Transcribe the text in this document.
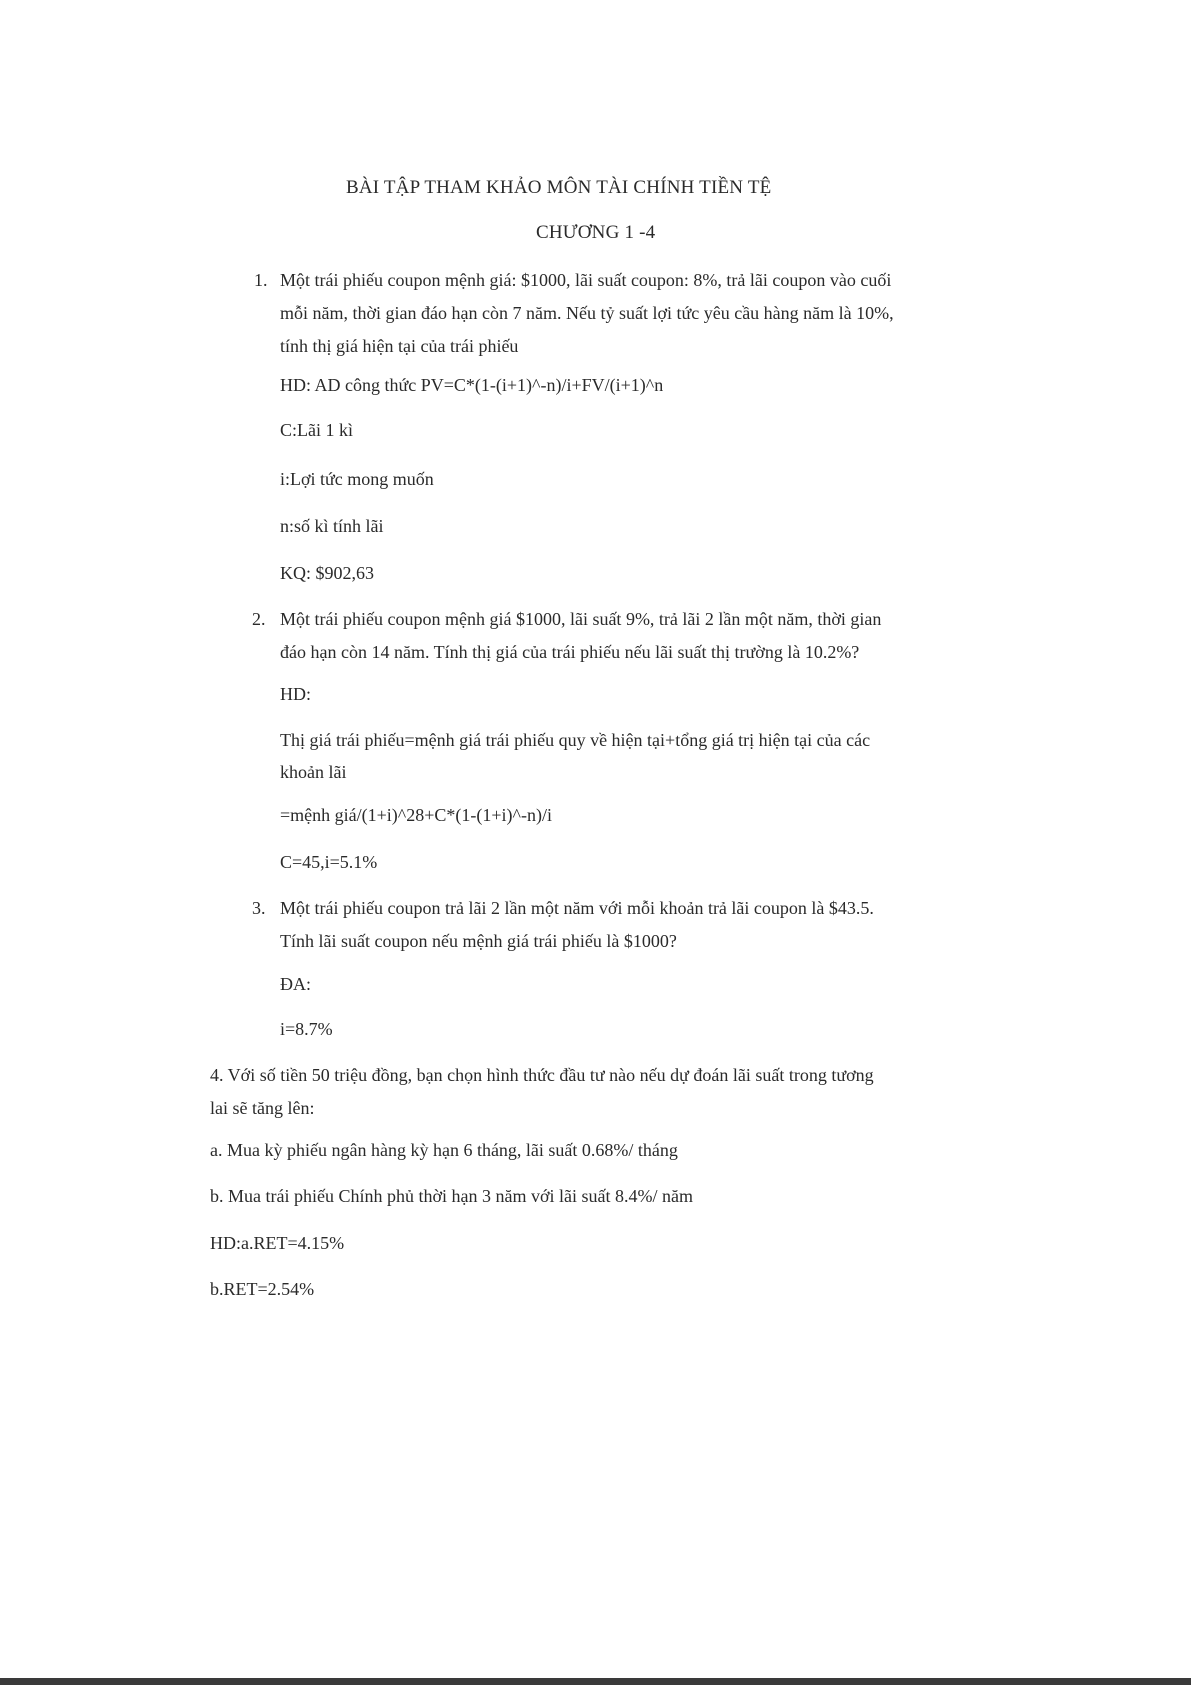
BÀI TẬP THAM KHẢO MÔN TÀI CHÍNH TIỀN TỆ
CHƯƠNG 1 -4
1. Một trái phiếu coupon mệnh giá: $1000, lãi suất coupon: 8%, trả lãi coupon vào cuối
mỗi năm, thời gian đáo hạn còn 7 năm. Nếu tỷ suất lợi tức yêu cầu hàng năm là 10%,
tính thị giá hiện tại của trái phiếu
HD: AD công thức PV=C*(1-(i+1)^-n)/i+FV/(i+1)^n
C:Lãi 1 kì
i:Lợi tức mong muốn
n:số kì tính lãi
KQ: $902,63
2. Một trái phiếu coupon mệnh giá $1000, lãi suất 9%, trả lãi 2 lần một năm, thời gian
đáo hạn còn 14 năm. Tính thị giá của trái phiếu nếu lãi suất thị trường là 10.2%?
HD:
Thị giá trái phiếu=mệnh giá trái phiếu quy về hiện tại+tổng giá trị hiện tại của các
khoản lãi
=mệnh giá/(1+i)^28+C*(1-(1+i)^-n)/i
C=45,i=5.1%
3. Một trái phiếu coupon trả lãi 2 lần một năm với mỗi khoản trả lãi coupon là $43.5.
Tính lãi suất coupon nếu mệnh giá trái phiếu là $1000?
ĐA:
i=8.7%
4. Với số tiền 50 triệu đồng, bạn chọn hình thức đầu tư nào nếu dự đoán lãi suất trong tương
lai sẽ tăng lên:
a. Mua kỳ phiếu ngân hàng kỳ hạn 6 tháng, lãi suất 0.68%/ tháng
b. Mua trái phiếu Chính phủ thời hạn 3 năm với lãi suất 8.4%/ năm
HD:a.RET=4.15%
b.RET=2.54%
